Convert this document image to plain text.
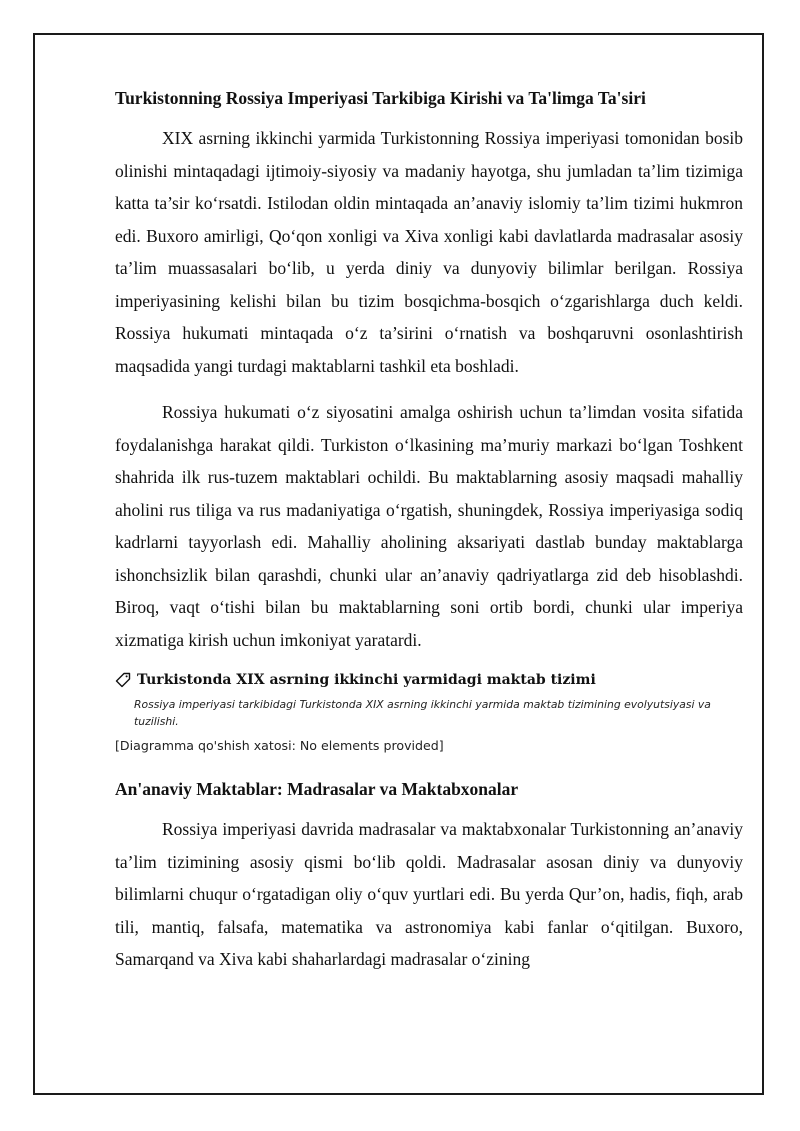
Turkistonning Rossiya Imperiyasi Tarkibiga Kirishi va Ta'limga Ta'siri

XIX asrning ikkinchi yarmida Turkistonning Rossiya imperiyasi tomonidan bosib olinishi mintaqadagi ijtimoiy-siyosiy va madaniy hayotga, shu jumladan ta’lim tizimiga katta ta’sir ko‘rsatdi. Istilodan oldin mintaqada an’anaviy islomiy ta’lim tizimi hukmron edi. Buxoro amirligi, Qo‘qon xonligi va Xiva xonligi kabi davlatlarda madrasalar asosiy ta’lim muassasalari bo‘lib, u yerda diniy va dunyoviy bilimlar berilgan. Rossiya imperiyasining kelishi bilan bu tizim bosqichma-bosqich o‘zgarishlarga duch keldi. Rossiya hukumati mintaqada o‘z ta’sirini o‘rnatish va boshqaruvni osonlashtirish maqsadida yangi turdagi maktablarni tashkil eta boshladi.

Rossiya hukumati o‘z siyosatini amalga oshirish uchun ta’limdan vosita sifatida foydalanishga harakat qildi. Turkiston o‘lkasining ma’muriy markazi bo‘lgan Toshkent shahrida ilk rus-tuzem maktablari ochildi. Bu maktablarning asosiy maqsadi mahalliy aholini rus tiliga va rus madaniyatiga o‘rgatish, shuningdek, Rossiya imperiyasiga sodiq kadrlarni tayyorlash edi. Mahalliy aholining aksariyati dastlab bunday maktablarga ishonchsizlik bilan qarashdi, chunki ular an’anaviy qadriyatlarga zid deb hisoblashdi. Biroq, vaqt o‘tishi bilan bu maktablarning soni ortib bordi, chunki ular imperiya xizmatiga kirish uchun imkoniyat yaratardi.

Turkistonda XIX asrning ikkinchi yarmidagi maktab tizimi
Rossiya imperiyasi tarkibidagi Turkistonda XIX asrning ikkinchi yarmida maktab tizimining evolyutsiyasi va tuzilishi.
[Diagramma qo'shish xatosi: No elements provided]
An'anaviy Maktablar: Madrasalar va Maktabxonalar

Rossiya imperiyasi davrida madrasalar va maktabxonalar Turkistonning an’anaviy ta’lim tizimining asosiy qismi bo‘lib qoldi. Madrasalar asosan diniy va dunyoviy bilimlarni chuqur o‘rgatadigan oliy o‘quv yurtlari edi. Bu yerda Qur’on, hadis, fiqh, arab tili, mantiq, falsafa, matematika va astronomiya kabi fanlar o‘qitilgan. Buxoro, Samarqand va Xiva kabi shaharlardagi madrasalar o‘zining
